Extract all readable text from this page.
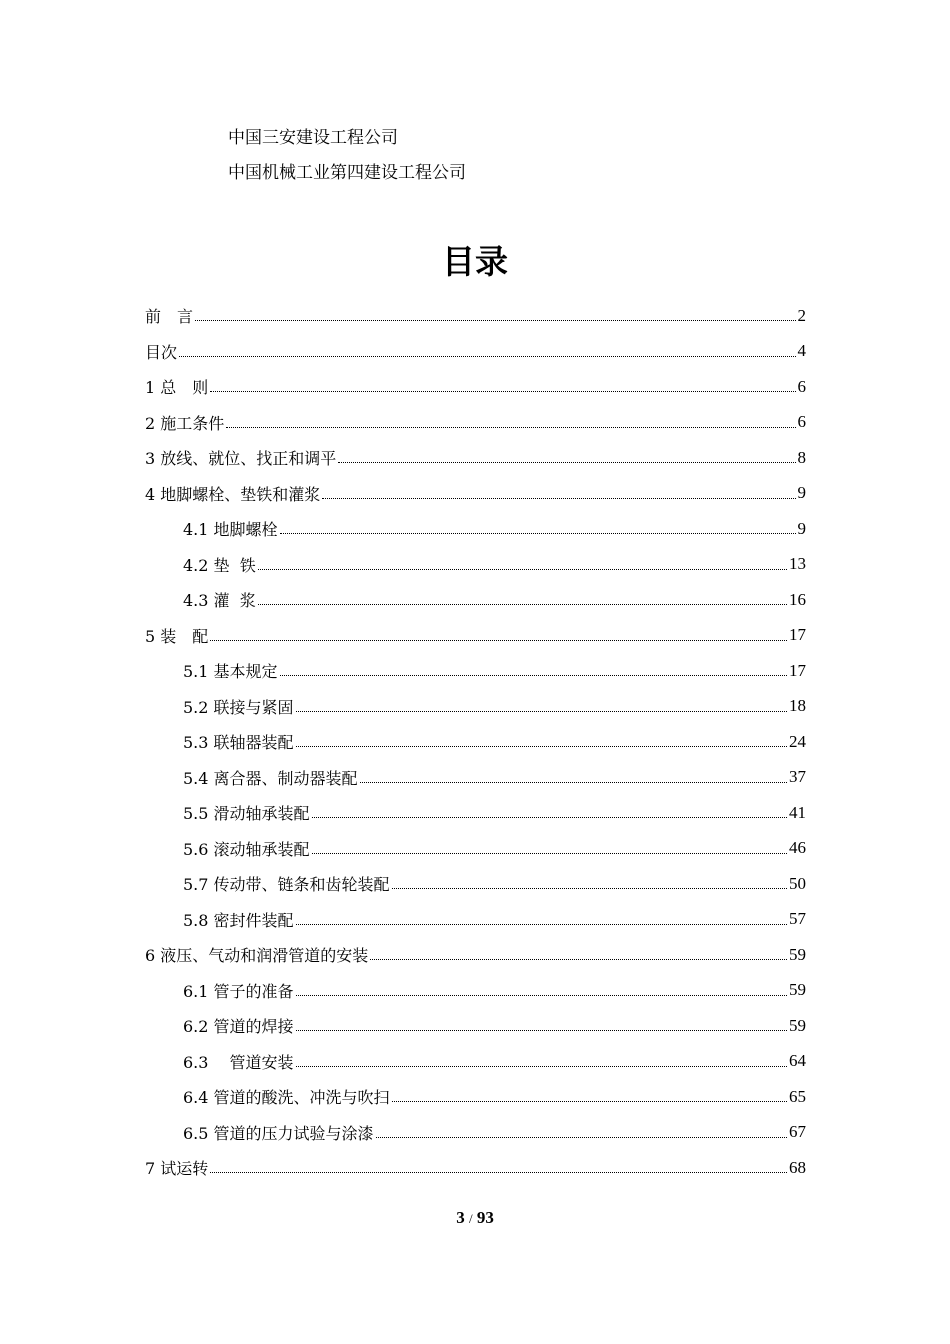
中国三安建设工程公司
中国机械工业第四建设工程公司
目录
前　言	2
目次	4
1 总　则	6
2 施工条件	6
3 放线、就位、找正和调平	8
4 地脚螺栓、垫铁和灌浆	9
4.1 地脚螺栓	9
4.2 垫  铁	13
4.3 灌  浆	16
5 装　配	17
5.1 基本规定	17
5.2 联接与紧固	18
5.3 联轴器装配	24
5.4 离合器、制动器装配	37
5.5 滑动轴承装配	41
5.6 滚动轴承装配	46
5.7 传动带、链条和齿轮装配	50
5.8 密封件装配	57
6 液压、气动和润滑管道的安装	59
6.1 管子的准备	59
6.2 管道的焊接	59
6.3　 管道安装	64
6.4 管道的酸洗、冲洗与吹扫	65
6.5 管道的压力试验与涂漆	67
7 试运转	68
3 / 93
